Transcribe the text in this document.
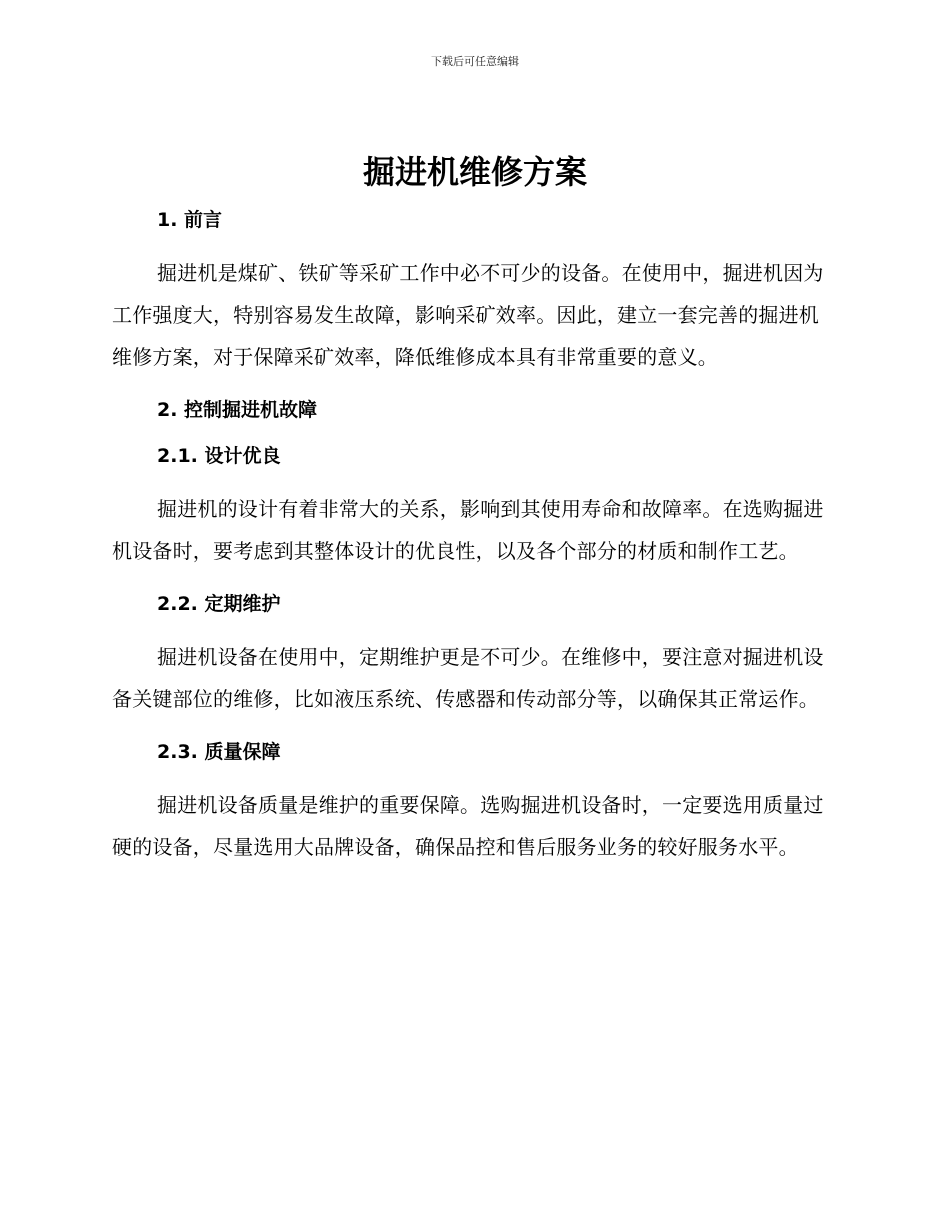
下载后可任意编辑
掘进机维修方案
1. 前言

掘进机是煤矿、铁矿等采矿工作中必不可少的设备。在使用中，掘进机因为工作强度大，特别容易发生故障，影响采矿效率。因此，建立一套完善的掘进机维修方案，对于保障采矿效率，降低维修成本具有非常重要的意义。

2. 控制掘进机故障
2.1. 设计优良

掘进机的设计有着非常大的关系，影响到其使用寿命和故障率。在选购掘进机设备时，要考虑到其整体设计的优良性，以及各个部分的材质和制作工艺。

2.2. 定期维护

掘进机设备在使用中，定期维护更是不可少。在维修中，要注意对掘进机设备关键部位的维修，比如液压系统、传感器和传动部分等，以确保其正常运作。

2.3. 质量保障

掘进机设备质量是维护的重要保障。选购掘进机设备时，一定要选用质量过硬的设备，尽量选用大品牌设备，确保品控和售后服务业务的较好服务水平。
